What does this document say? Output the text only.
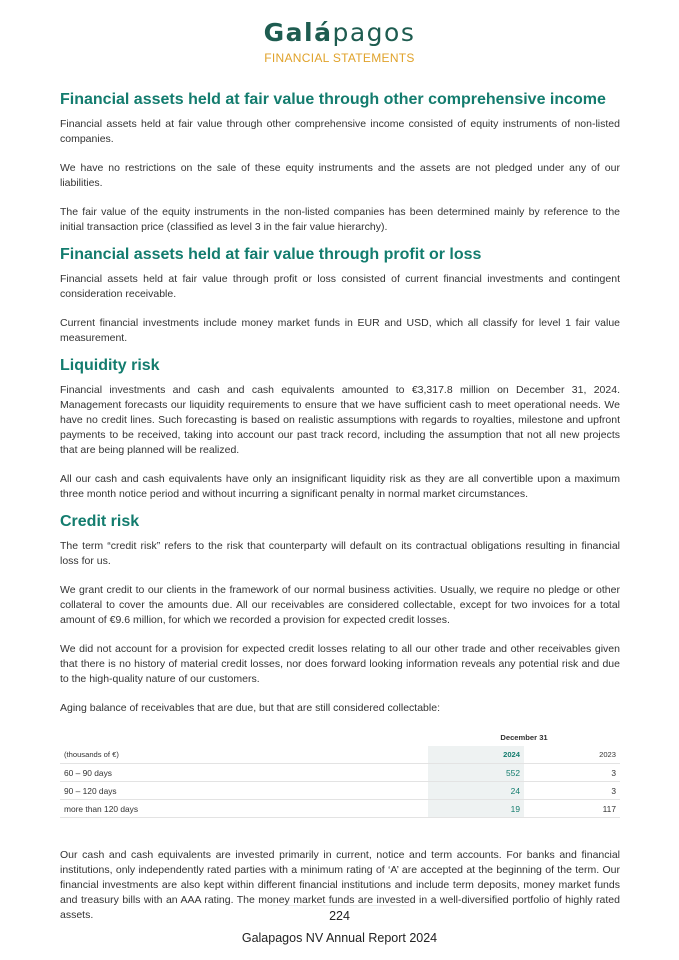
Galápagos
FINANCIAL STATEMENTS
Financial assets held at fair value through other comprehensive income

Financial assets held at fair value through other comprehensive income consisted of equity instruments of non-listed companies.

We have no restrictions on the sale of these equity instruments and the assets are not pledged under any of our liabilities.

The fair value of the equity instruments in the non-listed companies has been determined mainly by reference to the initial transaction price (classified as level 3 in the fair value hierarchy).

Financial assets held at fair value through profit or loss

Financial assets held at fair value through profit or loss consisted of current financial investments and contingent consideration receivable.

Current financial investments include money market funds in EUR and USD, which all classify for level 1 fair value measurement.

Liquidity risk

Financial investments and cash and cash equivalents amounted to €3,317.8 million on December 31, 2024. Management forecasts our liquidity requirements to ensure that we have sufficient cash to meet operational needs. We have no credit lines. Such forecasting is based on realistic assumptions with regards to royalties, milestone and upfront payments to be received, taking into account our past track record, including the assumption that not all new projects that are being planned will be realized.

All our cash and cash equivalents have only an insignificant liquidity risk as they are all convertible upon a maximum three month notice period and without incurring a significant penalty in normal market circumstances.

Credit risk

The term “credit risk” refers to the risk that counterparty will default on its contractual obligations resulting in financial loss for us.

We grant credit to our clients in the framework of our normal business activities. Usually, we require no pledge or other collateral to cover the amounts due. All our receivables are considered collectable, except for two invoices for a total amount of €9.6 million, for which we recorded a provision for expected credit losses.

We did not account for a provision for expected credit losses relating to all our other trade and other receivables given that there is no history of material credit losses, nor does forward looking information reveals any potential risk and due to the high-quality nature of our customers.

Aging balance of receivables that are due, but that are still considered collectable:

	December 31	
(thousands of €)	2024	2023
60 – 90 days	552	3
90 – 120 days	24	3
more than 120 days	19	117

Our cash and cash equivalents are invested primarily in current, notice and term accounts. For banks and financial institutions, only independently rated parties with a minimum rating of ‘A’ are accepted at the beginning of the term. Our financial investments are also kept within different financial institutions and include term deposits, money market funds and treasury bills with an AAA rating. The money market funds are invested in a well-diversified portfolio of highly rated assets.	224
Galapagos NV Annual Report 2024
